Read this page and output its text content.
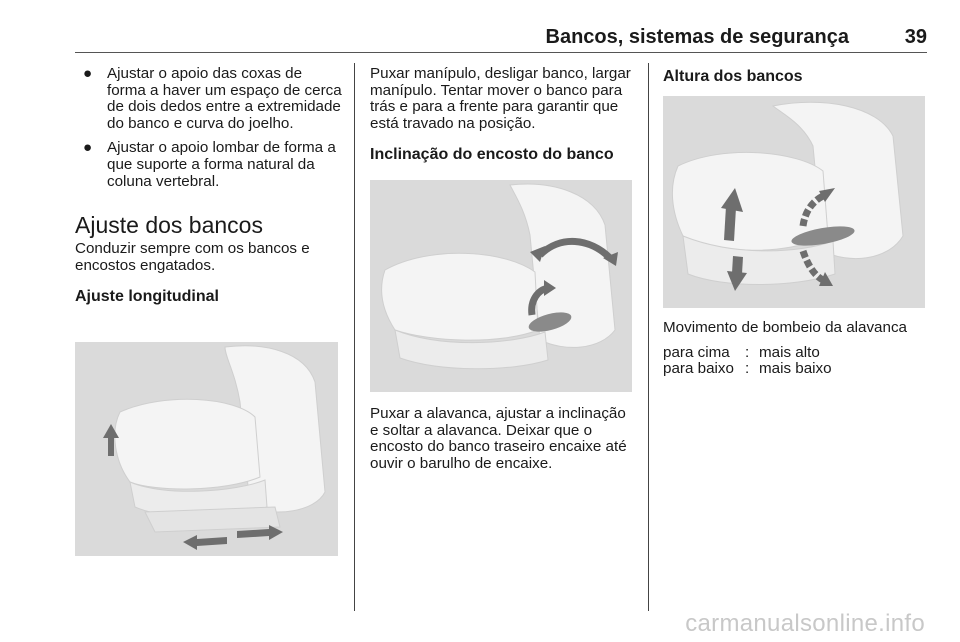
Bancos, sistemas de segurança	39
● Ajustar o apoio das coxas de forma a haver um espaço de cerca de dois dedos entre a extremidade do banco e curva do joelho.
● Ajustar o apoio lombar de forma a que suporte a forma natural da coluna vertebral.
Ajuste dos bancos

Conduzir sempre com os bancos e encostos engatados.

Ajuste longitudinal

Puxar manípulo, desligar banco, largar manípulo. Tentar mover o banco para trás e para a frente para garantir que está travado na posição.

Inclinação do encosto do banco

Puxar a alavanca, ajustar a inclinação e soltar a alavanca. Deixar que o encosto do banco traseiro encaixe até ouvir o barulho de encaixe.

Altura dos bancos

Movimento de bombeio da alavanca

para cima	:	mais alto
para baixo	:	mais baixo
carmanualsonline.info
